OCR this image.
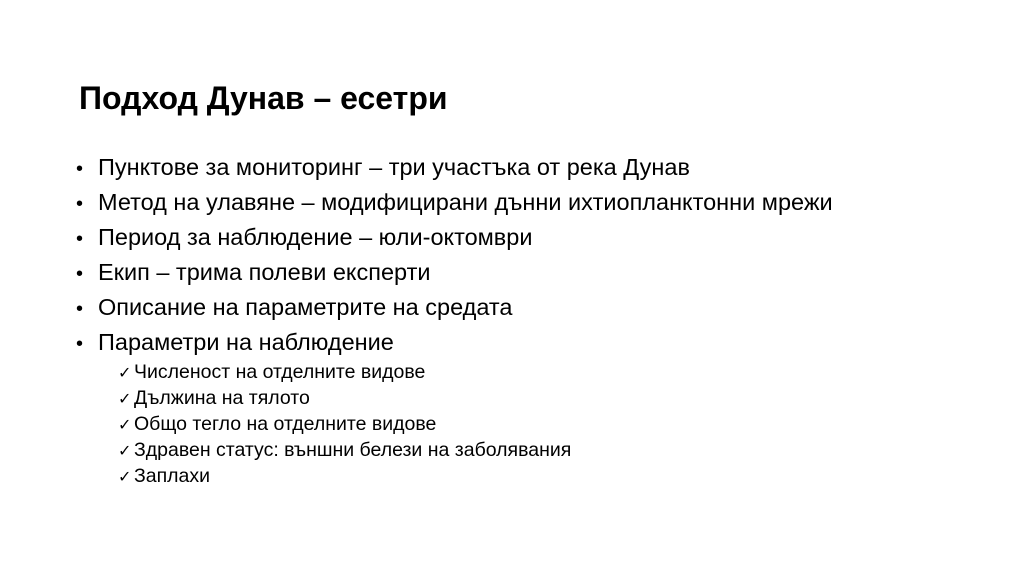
Подход Дунав – есетри
• Пунктове за мониторинг – три участъка от река Дунав
• Метод на улавяне – модифицирани дънни ихтиопланктонни мрежи
• Период за наблюдение – юли-октомври
• Екип – трима полеви експерти
• Описание на параметрите на средата
• Параметри на наблюдение
✓ Численост на отделните видове
✓ Дължина на тялото
✓ Общо тегло на отделните видове
✓ Здравен статус: външни белези на заболявания
✓ Заплахи
